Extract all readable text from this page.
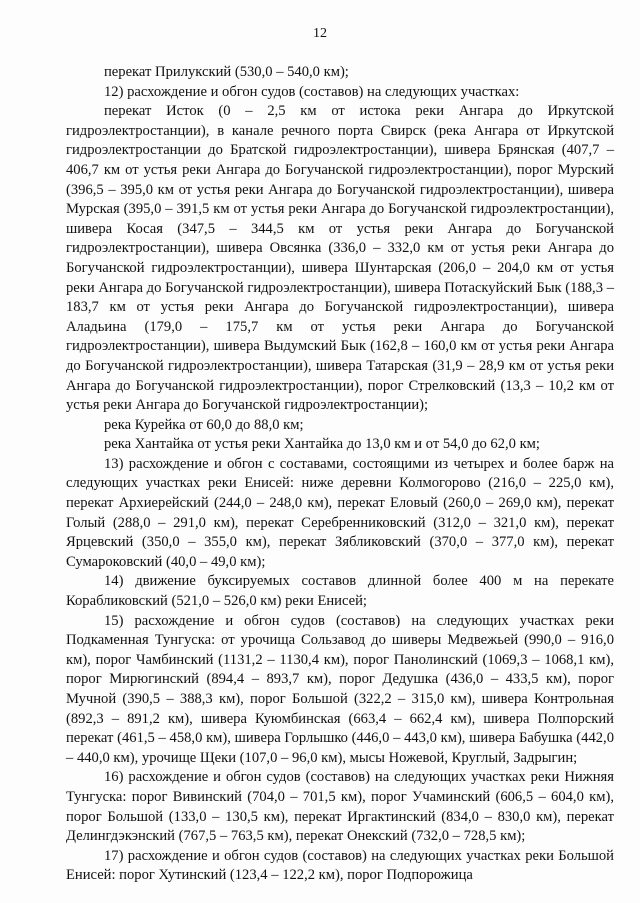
12

перекат Прилукский (530,0 – 540,0 км);

12) расхождение и обгон судов (составов) на следующих участках:

перекат Исток (0 – 2,5 км от истока реки Ангара до Иркутской гидроэлектростанции), в канале речного порта Свирск (река Ангара от Иркутской гидроэлектростанции до Братской гидроэлектростанции), шивера Брянская (407,7 – 406,7 км от устья реки Ангара до Богучанской гидроэлектростанции), порог Мурский (396,5 – 395,0 км от устья реки Ангара до Богучанской гидроэлектростанции), шивера Мурская (395,0 – 391,5 км от устья реки Ангара до Богучанской гидроэлектростанции), шивера Косая (347,5 – 344,5 км от устья реки Ангара до Богучанской гидроэлектростанции), шивера Овсянка (336,0 – 332,0 км от устья реки Ангара до Богучанской гидроэлектростанции), шивера Шунтарская (206,0 – 204,0 км от устья реки Ангара до Богучанской гидроэлектростанции), шивера Потаскуйский Бык (188,3 – 183,7 км от устья реки Ангара до Богучанской гидроэлектростанции), шивера Аладьина (179,0 – 175,7 км от устья реки Ангара до Богучанской гидроэлектростанции), шивера Выдумский Бык (162,8 – 160,0 км от устья реки Ангара до Богучанской гидроэлектростанции), шивера Татарская (31,9 – 28,9 км от устья реки Ангара до Богучанской гидроэлектростанции), порог Стрелковский (13,3 – 10,2 км от устья реки Ангара до Богучанской гидроэлектростанции);

река Курейка от 60,0 до 88,0 км;

река Хантайка от устья реки Хантайка до 13,0 км и от 54,0 до 62,0 км;

13) расхождение и обгон с составами, состоящими из четырех и более барж на следующих участках реки Енисей: ниже деревни Колмогорово (216,0 – 225,0 км), перекат Архиерейский (244,0 – 248,0 км), перекат Еловый (260,0 – 269,0 км), перекат Голый (288,0 – 291,0 км), перекат Серебренниковский (312,0 – 321,0 км), перекат Ярцевский (350,0 – 355,0 км), перекат Зябликовский (370,0 – 377,0 км), перекат Сумароковский (40,0 – 49,0 км);

14) движение буксируемых составов длинной более 400 м на перекате Корабликовский (521,0 – 526,0 км) реки Енисей;

15) расхождение и обгон судов (составов) на следующих участках реки Подкаменная Тунгуска: от урочища Сользавод до шиверы Медвежьей (990,0 – 916,0 км), порог Чамбинский (1131,2 – 1130,4 км), порог Панолинский (1069,3 – 1068,1 км), порог Мирюгинский (894,4 – 893,7 км), порог Дедушка (436,0 – 433,5 км), порог Мучной (390,5 – 388,3 км), порог Большой (322,2 – 315,0 км), шивера Контрольная (892,3 – 891,2 км), шивера Куюмбинская (663,4 – 662,4 км), шивера Полпорский перекат (461,5 – 458,0 км), шивера Горлышко (446,0 – 443,0 км), шивера Бабушка (442,0 – 440,0 км), урочище Щеки (107,0 – 96,0 км), мысы Ножевой, Круглый, Задрыгин;

16) расхождение и обгон судов (составов) на следующих участках реки Нижняя Тунгуска: порог Вивинский (704,0 – 701,5 км), порог Учаминский (606,5 – 604,0 км), порог Большой (133,0 – 130,5 км), перекат Иргактинский (834,0 – 830,0 км), перекат Делингдэкэнский (767,5 – 763,5 км), перекат Онекский (732,0 – 728,5 км);

17) расхождение и обгон судов (составов) на следующих участках реки Большой Енисей: порог Хутинский (123,4 – 122,2 км), порог Подпорожица
